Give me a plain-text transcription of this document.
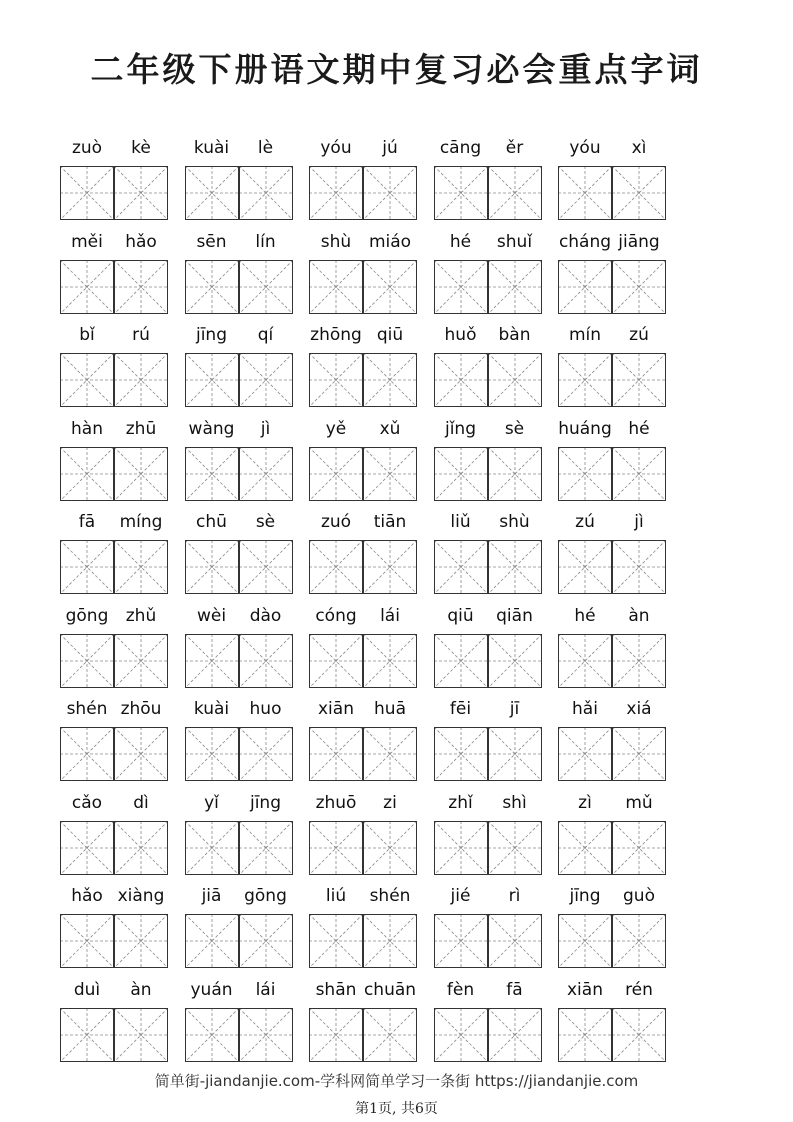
二年级下册语文期中复习必会重点字词
zuò	kè	kuài	lè	yóu	jú	cāng	ěr	yóu	xì
měi	hǎo	sēn	lín	shù	miáo	hé	shuǐ	cháng jiāng
bǐ	rú	jīng	qí	zhōng qiū	huǒ	bàn	mín	zú
hàn	zhū	wàng	jì	yě	xǔ	jǐng	sè	huáng hé
fā	míng	chū	sè	zuó	tiān	liǔ	shù	zú	jì
gōng	zhǔ	wèi	dào	cóng	lái	qiū	qiān	hé	àn
shén zhōu	kuài	huo	xiān	huā	fēi	jī	hǎi	xiá
cǎo	dì	yǐ	jīng	zhuō	zi	zhǐ	shì	zì	mǔ
hǎo xiàng	jiā	gōng	liú	shén	jié	rì	jīng	guò
duì	àn	yuán	lái	shān chuān	fèn	fā	xiān	rén
简单街-jiandanjie.com-学科网简单学习一条街 https://jiandanjie.com
第1页, 共6页
